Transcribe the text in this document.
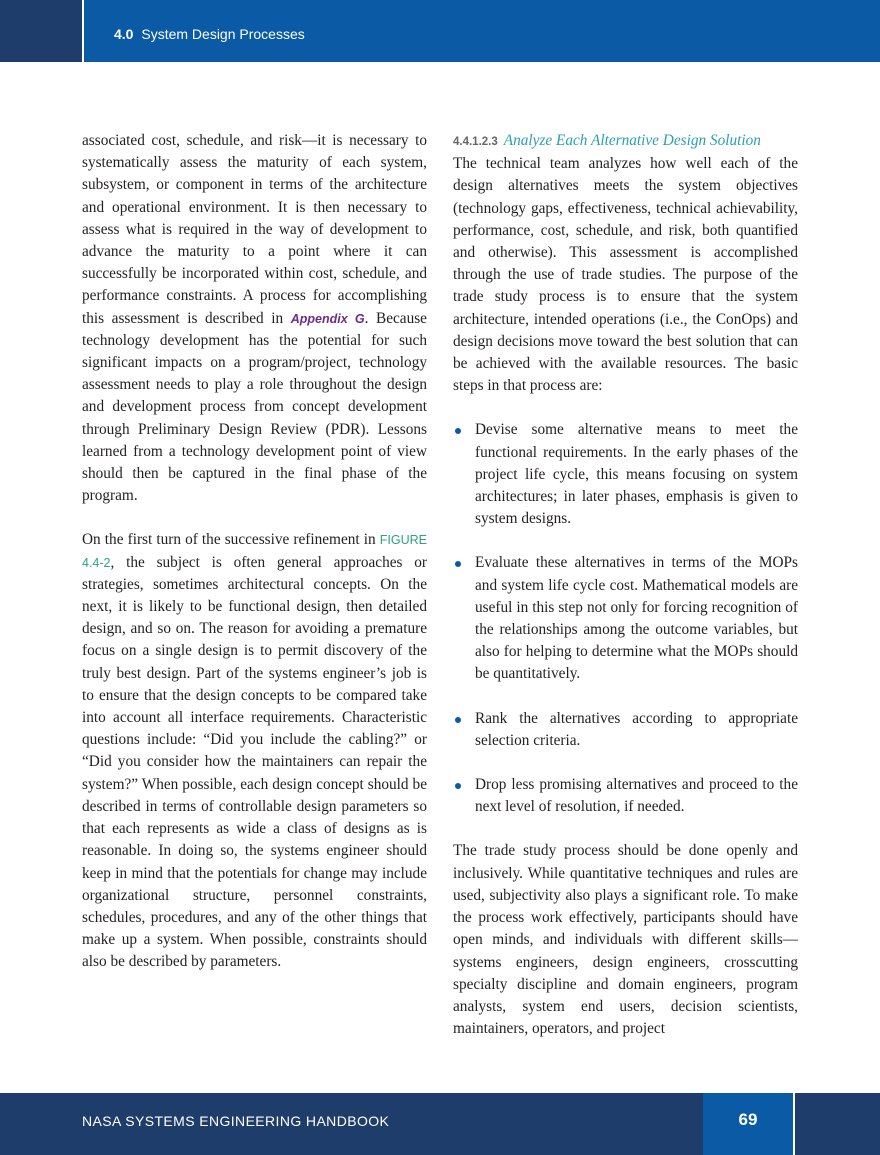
4.0 System Design Processes

associated cost, schedule, and risk—it is necessary to systematically assess the maturity of each system, subsystem, or component in terms of the architecture and operational environment. It is then necessary to assess what is required in the way of development to advance the maturity to a point where it can successfully be incorporated within cost, schedule, and performance constraints. A process for accomplishing this assessment is described in Appendix G. Because technology development has the potential for such significant impacts on a program/project, technology assessment needs to play a role throughout the design and development process from concept development through Preliminary Design Review (PDR). Lessons learned from a technology development point of view should then be captured in the final phase of the program.

On the first turn of the successive refinement in FIGURE 4.4-2, the subject is often general approaches or strategies, sometimes architectural concepts. On the next, it is likely to be functional design, then detailed design, and so on. The reason for avoiding a premature focus on a single design is to permit discovery of the truly best design. Part of the systems engineer’s job is to ensure that the design concepts to be compared take into account all interface requirements. Characteristic questions include: “Did you include the cabling?” or “Did you consider how the maintainers can repair the system?” When possible, each design concept should be described in terms of controllable design parameters so that each represents as wide a class of designs as is reasonable. In doing so, the systems engineer should keep in mind that the potentials for change may include organizational structure, personnel constraints, schedules, procedures, and any of the other things that make up a system. When possible, constraints should also be described by parameters.

4.4.1.2.3 Analyze Each Alternative Design Solution

The technical team analyzes how well each of the design alternatives meets the system objectives (technology gaps, effectiveness, technical achievability, performance, cost, schedule, and risk, both quantified and otherwise). This assessment is accomplished through the use of trade studies. The purpose of the trade study process is to ensure that the system architecture, intended operations (i.e., the ConOps) and design decisions move toward the best solution that can be achieved with the available resources. The basic steps in that process are:

Devise some alternative means to meet the functional requirements. In the early phases of the project life cycle, this means focusing on system architectures; in later phases, emphasis is given to system designs.
Evaluate these alternatives in terms of the MOPs and system life cycle cost. Mathematical models are useful in this step not only for forcing recognition of the relationships among the outcome variables, but also for helping to determine what the MOPs should be quantitatively.
Rank the alternatives according to appropriate selection criteria.
Drop less promising alternatives and proceed to the next level of resolution, if needed.

The trade study process should be done openly and inclusively. While quantitative techniques and rules are used, subjectivity also plays a significant role. To make the process work effectively, participants should have open minds, and individuals with different skills—systems engineers, design engineers, crosscutting specialty discipline and domain engineers, program analysts, system end users, decision scientists, maintainers, operators, and project

NASA SYSTEMS ENGINEERING HANDBOOK	69
